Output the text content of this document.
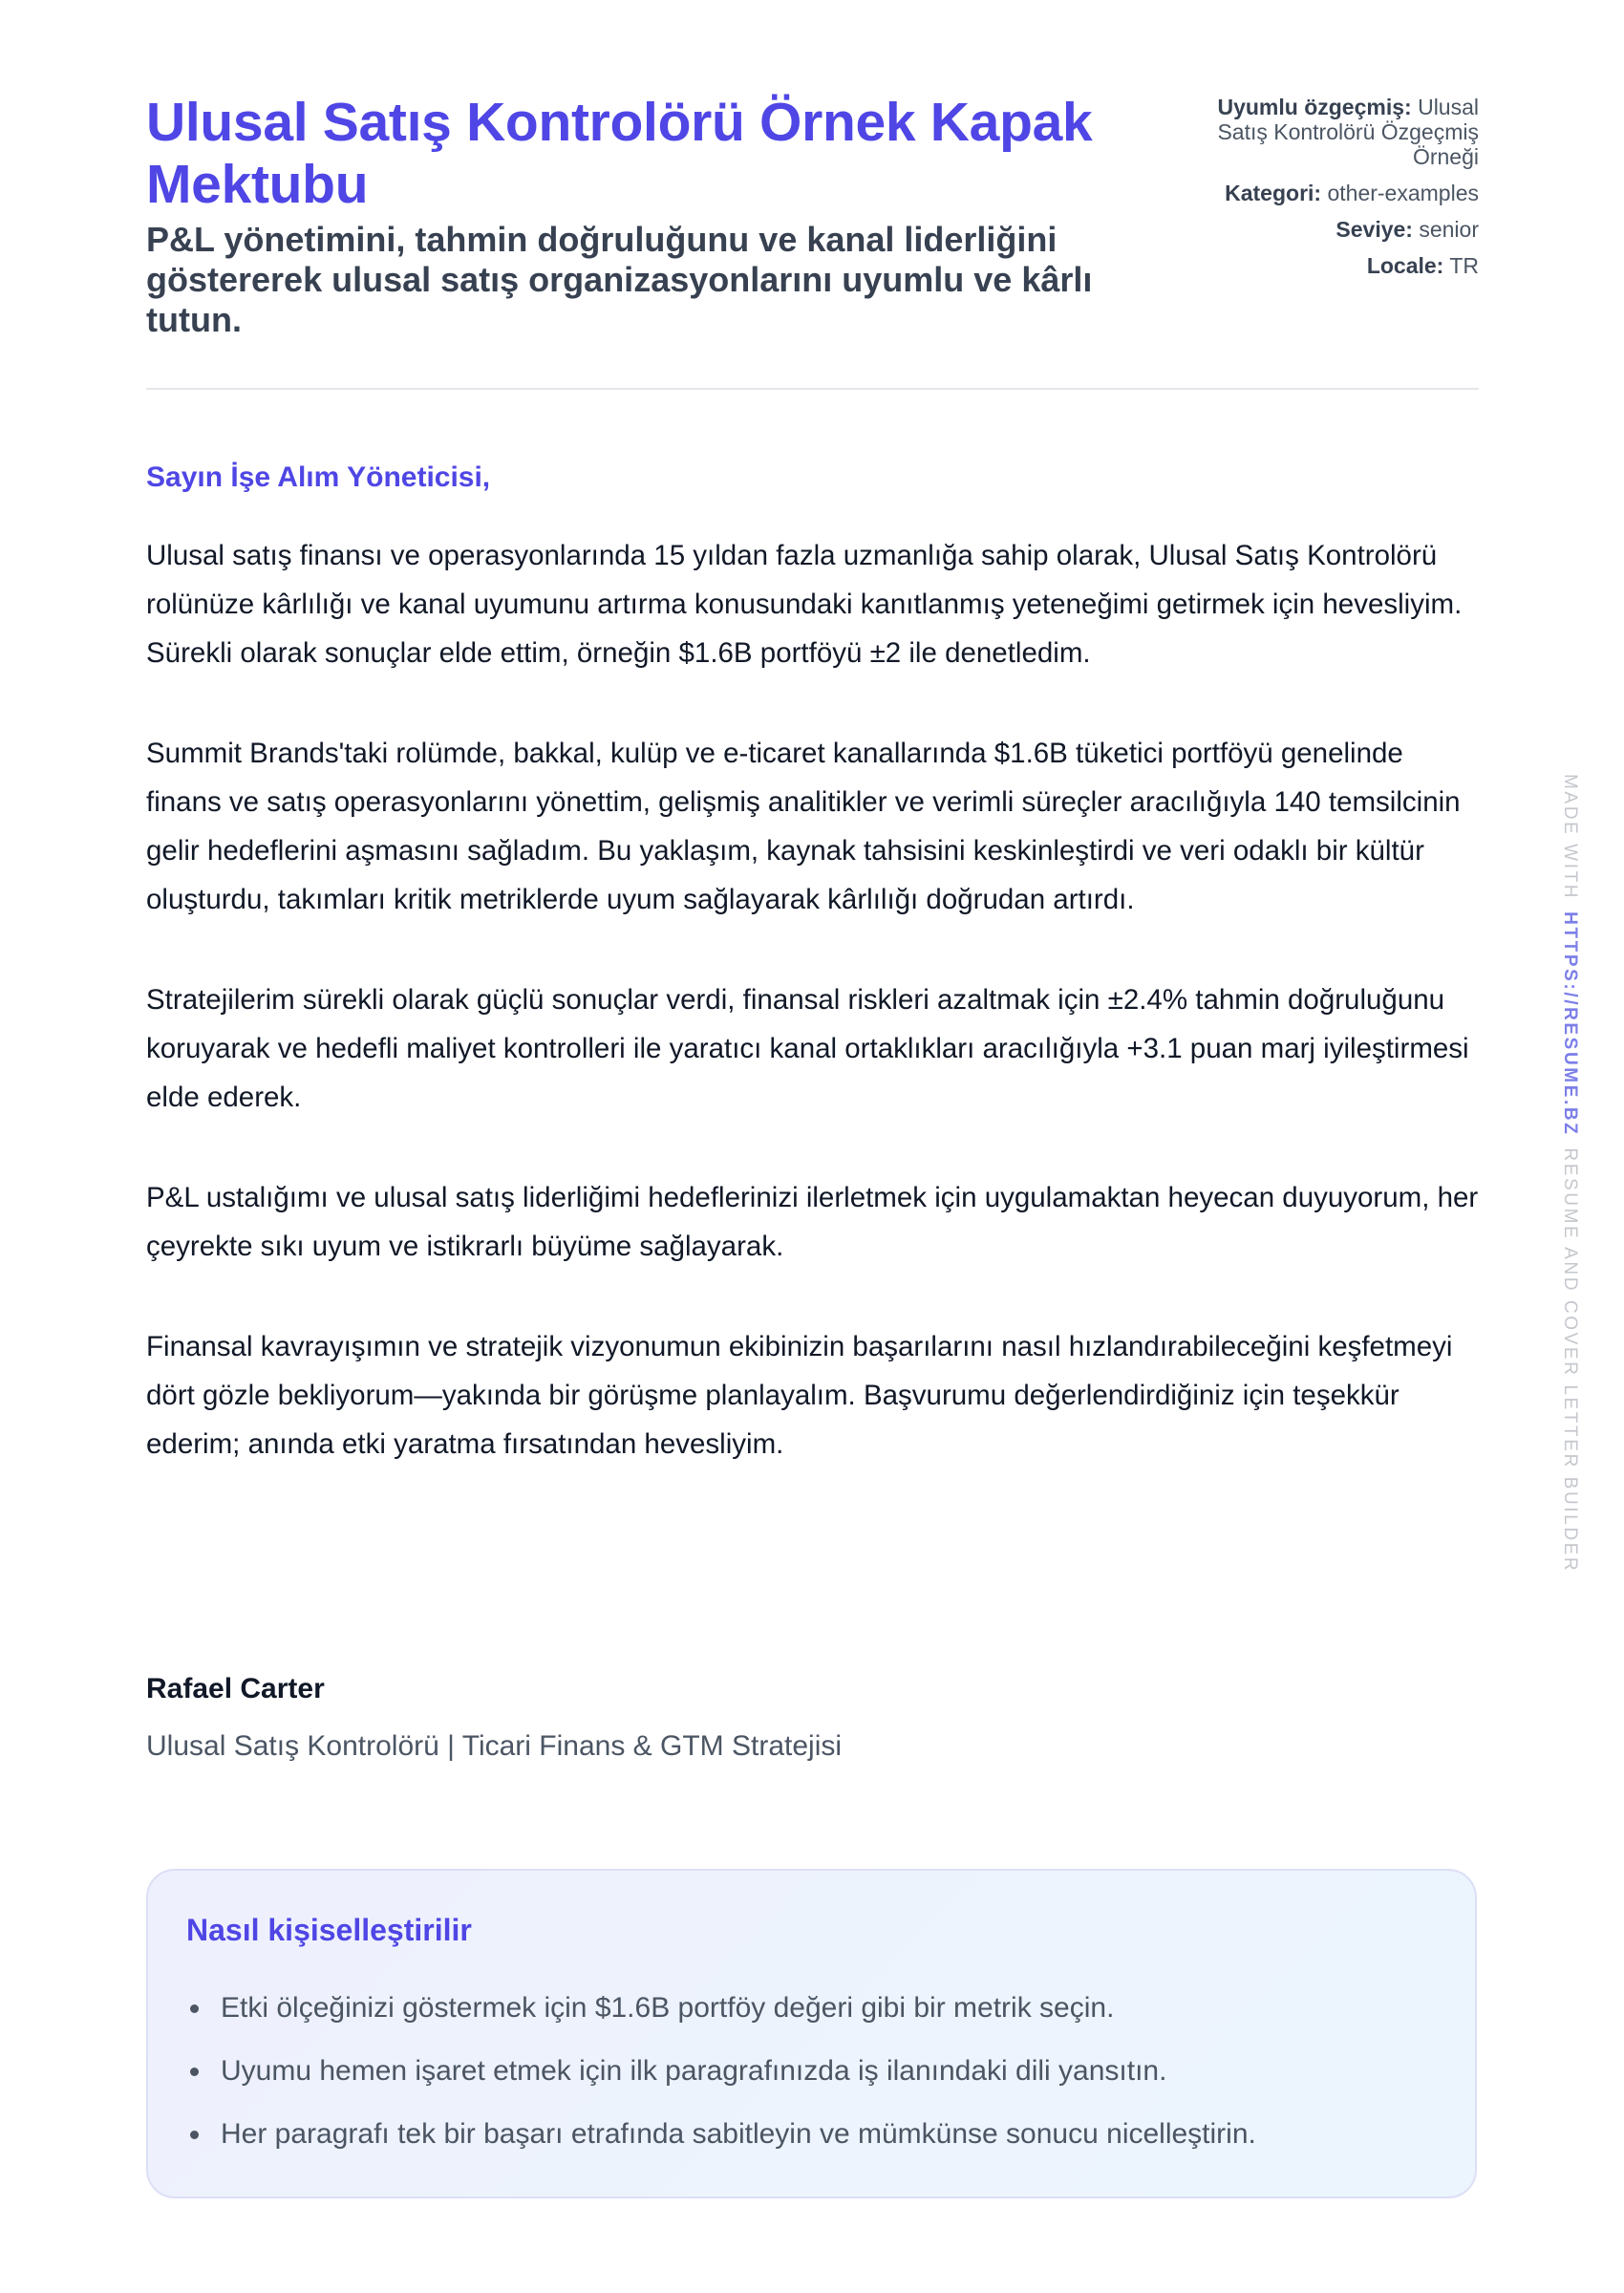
Ulusal Satış Kontrolörü Örnek Kapak Mektubu

P&L yönetimini, tahmin doğruluğunu ve kanal liderliğini göstererek ulusal satış organizasyonlarını uyumlu ve kârlı tutun.

Uyumlu özgeçmiş: Ulusal Satış Kontrolörü Özgeçmiş Örneği
Kategori: other-examples
Seviye: senior
Locale: TR

Sayın İşe Alım Yöneticisi,

Ulusal satış finansı ve operasyonlarında 15 yıldan fazla uzmanlığa sahip olarak, Ulusal Satış Kontrolörü rolünüze kârlılığı ve kanal uyumunu artırma konusundaki kanıtlanmış yeteneğimi getirmek için hevesliyim. Sürekli olarak sonuçlar elde ettim, örneğin $1.6B portföyü ±2 ile denetledim.

Summit Brands'taki rolümde, bakkal, kulüp ve e-ticaret kanallarında $1.6B tüketici portföyü genelinde finans ve satış operasyonlarını yönettim, gelişmiş analitikler ve verimli süreçler aracılığıyla 140 temsilcinin gelir hedeflerini aşmasını sağladım. Bu yaklaşım, kaynak tahsisini keskinleştirdi ve veri odaklı bir kültür oluşturdu, takımları kritik metriklerde uyum sağlayarak kârlılığı doğrudan artırdı.

Stratejilerim sürekli olarak güçlü sonuçlar verdi, finansal riskleri azaltmak için ±2.4% tahmin doğruluğunu koruyarak ve hedefli maliyet kontrolleri ile yaratıcı kanal ortaklıkları aracılığıyla +3.1 puan marj iyileştirmesi elde ederek.

P&L ustalığımı ve ulusal satış liderliğimi hedeflerinizi ilerletmek için uygulamaktan heyecan duyuyorum, her çeyrekte sıkı uyum ve istikrarlı büyüme sağlayarak.

Finansal kavrayışımın ve stratejik vizyonumun ekibinizin başarılarını nasıl hızlandırabileceğini keşfetmeyi dört gözle bekliyorum—yakında bir görüşme planlayalım. Başvurumu değerlendirdiğiniz için teşekkür ederim; anında etki yaratma fırsatından hevesliyim.

Rafael Carter
Ulusal Satış Kontrolörü | Ticari Finans & GTM Stratejisi
Nasıl kişiselleştirilir
Etki ölçeğinizi göstermek için $1.6B portföy değeri gibi bir metrik seçin.
Uyumu hemen işaret etmek için ilk paragrafınızda iş ilanındaki dili yansıtın.
Her paragrafı tek bir başarı etrafında sabitleyin ve mümkünse sonucu nicelleştirin.
MADE WITHHTTPS://RESUME.BZRESUME AND COVER LETTER BUILDER
